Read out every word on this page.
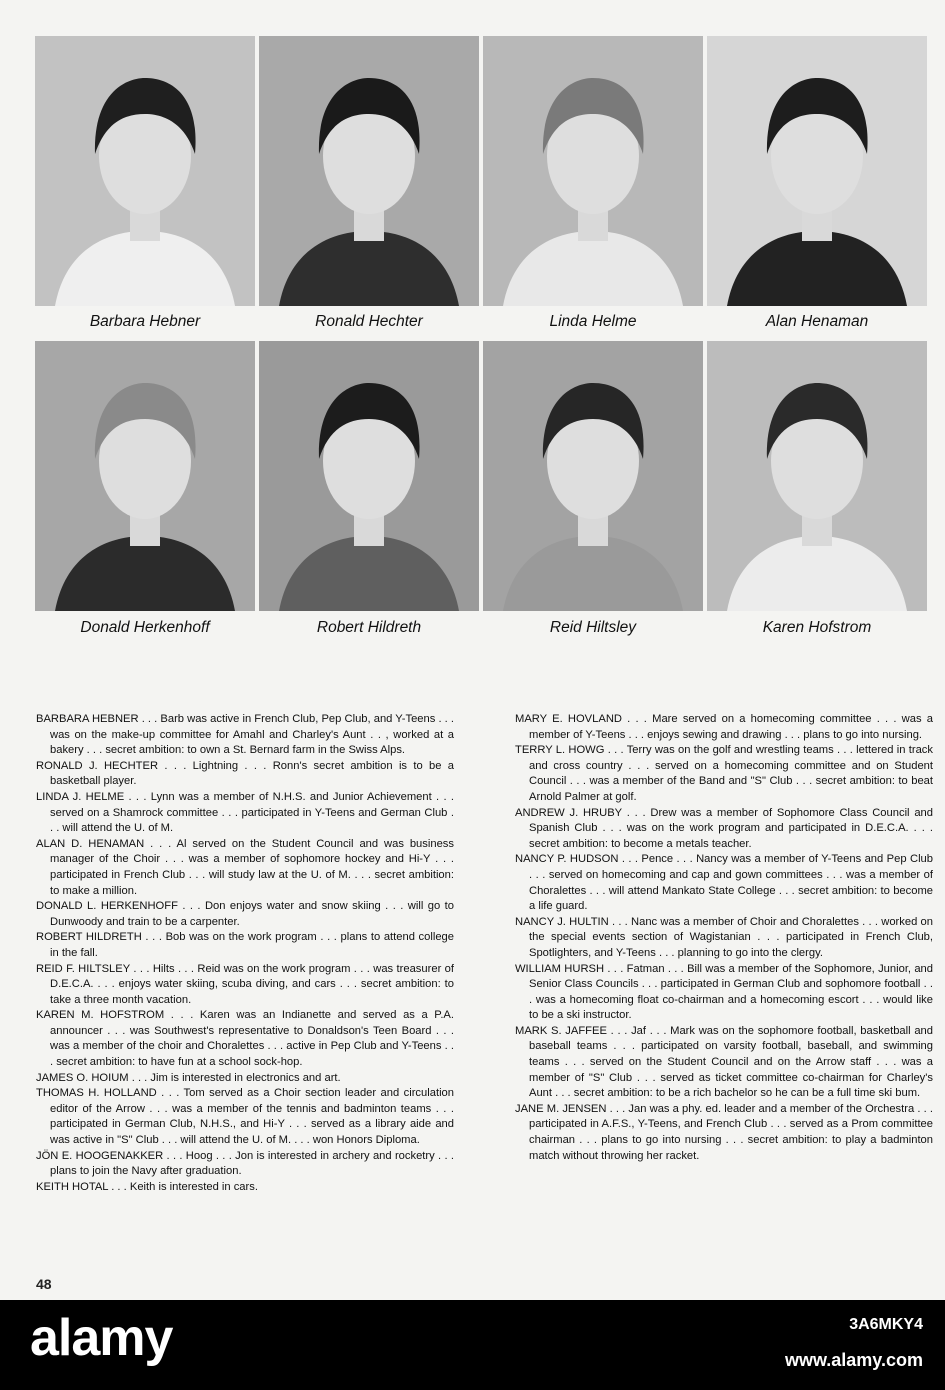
Barbara Hebner	Ronald Hechter	Linda Helme	Alan Henaman
Donald Herkenhoff	Robert Hildreth	Reid Hiltsley	Karen Hofstrom

BARBARA HEBNER . . . Barb was active in French Club, Pep Club, and Y-Teens . . . was on the make-up committee for Amahl and Charley's Aunt . . , worked at a bakery . . . secret ambition: to own a St. Bernard farm in the Swiss Alps.

RONALD J. HECHTER . . . Lightning . . . Ronn's secret ambition is to be a basketball player.

LINDA J. HELME . . . Lynn was a member of N.H.S. and Junior Achievement . . . served on a Shamrock committee . . . participated in Y-Teens and German Club . . . will attend the U. of M.

ALAN D. HENAMAN . . . Al served on the Student Council and was business manager of the Choir . . . was a member of sophomore hockey and Hi-Y . . . participated in French Club . . . will study law at the U. of M. . . . secret ambition: to make a million.

DONALD L. HERKENHOFF . . . Don enjoys water and snow skiing . . . will go to Dunwoody and train to be a carpenter.

ROBERT HILDRETH . . . Bob was on the work program . . . plans to attend college in the fall.

REID F. HILTSLEY . . . Hilts . . . Reid was on the work program . . . was treasurer of D.E.C.A. . . . enjoys water skiing, scuba diving, and cars . . . secret ambition: to take a three month vacation.

KAREN M. HOFSTROM . . . Karen was an Indianette and served as a P.A. announcer . . . was Southwest's representative to Donaldson's Teen Board . . . was a member of the choir and Choralettes . . . active in Pep Club and Y-Teens . . . secret ambition: to have fun at a school sock-hop.

JAMES O. HOIUM . . . Jim is interested in electronics and art.

THOMAS H. HOLLAND . . . Tom served as a Choir section leader and circulation editor of the Arrow . . . was a member of the tennis and badminton teams . . . participated in German Club, N.H.S., and Hi-Y . . . served as a library aide and was active in "S" Club . . . will attend the U. of M. . . . won Honors Diploma.

JÖN E. HOOGENAKKER . . . Hoog . . . Jon is interested in archery and rocketry . . . plans to join the Navy after graduation.

KEITH HOTAL . . . Keith is interested in cars.

MARY E. HOVLAND . . . Mare served on a homecoming committee . . . was a member of Y-Teens . . . enjoys sewing and drawing . . . plans to go into nursing.

TERRY L. HOWG . . . Terry was on the golf and wrestling teams . . . lettered in track and cross country . . . served on a homecoming committee and on Student Council . . . was a member of the Band and "S" Club . . . secret ambition: to beat Arnold Palmer at golf.

ANDREW J. HRUBY . . . Drew was a member of Sophomore Class Council and Spanish Club . . . was on the work program and participated in D.E.C.A. . . . secret ambition: to become a metals teacher.

NANCY P. HUDSON . . . Pence . . . Nancy was a member of Y-Teens and Pep Club . . . served on homecoming and cap and gown committees . . . was a member of Choralettes . . . will attend Mankato State College . . . secret ambition: to become a life guard.

NANCY J. HULTIN . . . Nanc was a member of Choir and Choralettes . . . worked on the special events section of Wagistanian . . . participated in French Club, Spotlighters, and Y-Teens . . . planning to go into the clergy.

WILLIAM HURSH . . . Fatman . . . Bill was a member of the Sophomore, Junior, and Senior Class Councils . . . participated in German Club and sophomore football . . . was a homecoming float co-chairman and a homecoming escort . . . would like to be a ski instructor.

MARK S. JAFFEE . . . Jaf . . . Mark was on the sophomore football, basketball and baseball teams . . . participated on varsity football, baseball, and swimming teams . . . served on the Student Council and on the Arrow staff . . . was a member of "S" Club . . . served as ticket committee co-chairman for Charley's Aunt . . . secret ambition: to be a rich bachelor so he can be a full time ski bum.

JANE M. JENSEN . . . Jan was a phy. ed. leader and a member of the Orchestra . . . participated in A.F.S., Y-Teens, and French Club . . . served as a Prom committee chairman . . . plans to go into nursing . . . secret ambition: to play a badminton match without throwing her racket.

48
alamy	3A6MKY4
www.alamy.com
